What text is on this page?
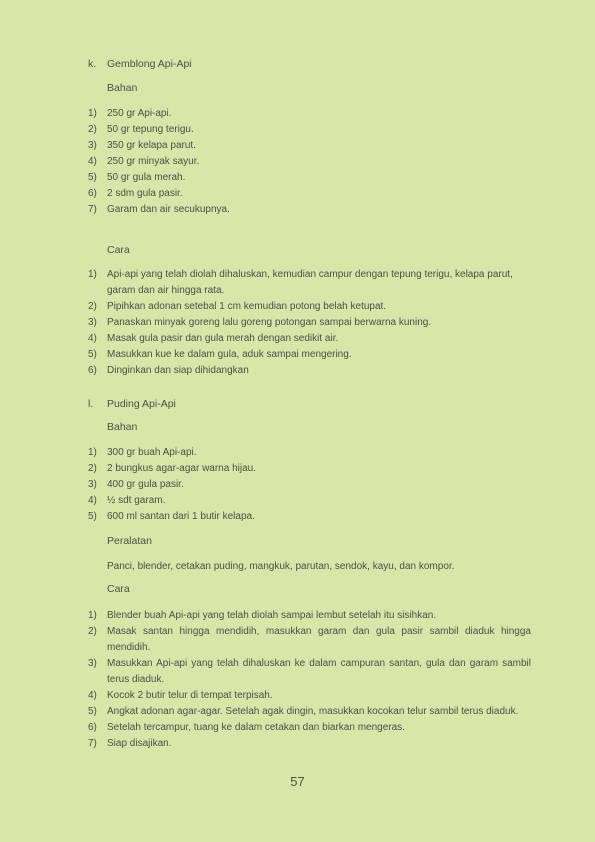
k.	Gemblong Api-Api
Bahan
1)	250 gr Api-api.
2)	50 gr tepung terigu.
3)	350 gr kelapa parut.
4)	250 gr minyak sayur.
5)	50 gr gula merah.
6)	2 sdm gula pasir.
7)	Garam dan air secukupnya.
Cara
1)	Api-api yang telah diolah dihaluskan, kemudian campur dengan tepung terigu, kelapa parut, garam dan air hingga rata.
2)	Pipihkan adonan setebal 1 cm kemudian potong belah ketupat.
3)	Panaskan minyak goreng lalu goreng potongan sampai berwarna kuning.
4)	Masak gula pasir dan gula merah dengan sedikit air.
5)	Masukkan kue ke dalam gula, aduk sampai mengering.
6)	Dinginkan dan siap dihidangkan
l.	Puding Api-Api
Bahan
1)	300 gr buah Api-api.
2)	2 bungkus agar-agar warna hijau.
3)	400 gr gula pasir.
4)	½ sdt garam.
5)	600 ml santan dari 1 butir kelapa.
Peralatan
Panci, blender, cetakan puding, mangkuk, parutan, sendok, kayu, dan kompor.
Cara
1)	Blender buah Api-api yang telah diolah sampai lembut setelah itu sisihkan.
2)	Masak santan hingga mendidih, masukkan garam dan gula pasir sambil diaduk hingga mendidih.
3)	Masukkan Api-api yang telah dihaluskan ke dalam campuran santan, gula dan garam sambil terus diaduk.
4)	Kocok 2 butir telur di tempat terpisah.
5)	Angkat adonan agar-agar. Setelah agak dingin, masukkan kocokan telur sambil terus diaduk.
6)	Setelah tercampur, tuang ke dalam cetakan dan biarkan mengeras.
7)	Siap disajikan.
57
